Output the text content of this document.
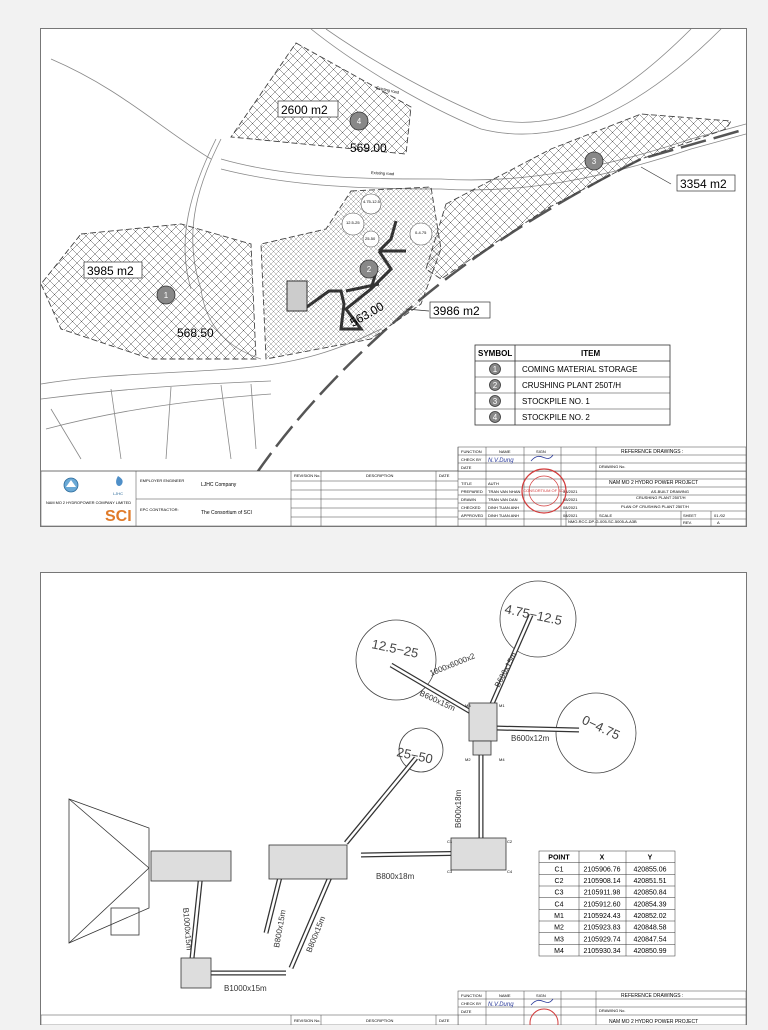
12.5-25
4.75-12.5
0-4.75
25-50
Existing road
Existing road
4
3
1
2
2600 m2
569.00
3354 m2
3985 m2
568.50
3986 m2
563.00
SYMBOL	ITEM
1	COMING MATERIAL STORAGE
2	CRUSHING PLANT 250T/H
3	STOCKPILE NO. 1
4	STOCKPILE NO. 2
NAM MO 2 HYDROPOWER COMPANY LIMITED
LJHC
SCI
EMPLOYER ENGINEER
LJHC Company
EPC CONTRACTOR:
The Consortium of SCI
REVISION No.	DESCRIPTION	DATE
FUNCTION	NAME	SIGN
CHECK BY N.V.Dung
DATE
TITLE	AUTH
PREPARED TRAN VAN NHAN	08/2021
DRAWN	TRAN VAN DAN	08/2021
CHECKED DINH TUAN ANH	08/2021
APPROVED DINH TUAN ANH	08/2021
CONSORTIUM OF SCI
REFERENCE DRAWINGS :
DRAWING No.
NAM MO 2 HYDRO POWER PROJECT
AS-BUILT DRAWING
CRUSHING PLANT 250T/H
PLAN OF CRUSHING PLANT 250T/H
SCALE
NMO-RCC-DP-G-005-SC-5005-A-A3B
SHEET	01 /02
REV.	A
4.75−12.5
12.5−25
0−4.75
25−50
1800x6000x2
B600x15m
B600x15m
B600x12m
B600x18m
B800x18m
B800x15m
B800x15m
B1000x15m
B1000x15m
M3	M1
M2	M4
C1	C2
C3	C4
POINT	X	Y
C1	2105906.76 420855.06
C2	2105908.14 420851.51
C3	2105911.98 420850.84
C4	2105912.60 420854.39
M1	2105924.43 420852.02
M2	2105923.83 420848.58
M3	2105929.74 420847.54
M4	2105930.34 420850.99
FUNCTION	NAME	SIGN
CHECK BY N.V.Dung
DATE
REFERENCE DRAWINGS :
DRAWING No.
NAM MO 2 HYDRO POWER PROJECT
REVISION No.	DESCRIPTION	DATE
